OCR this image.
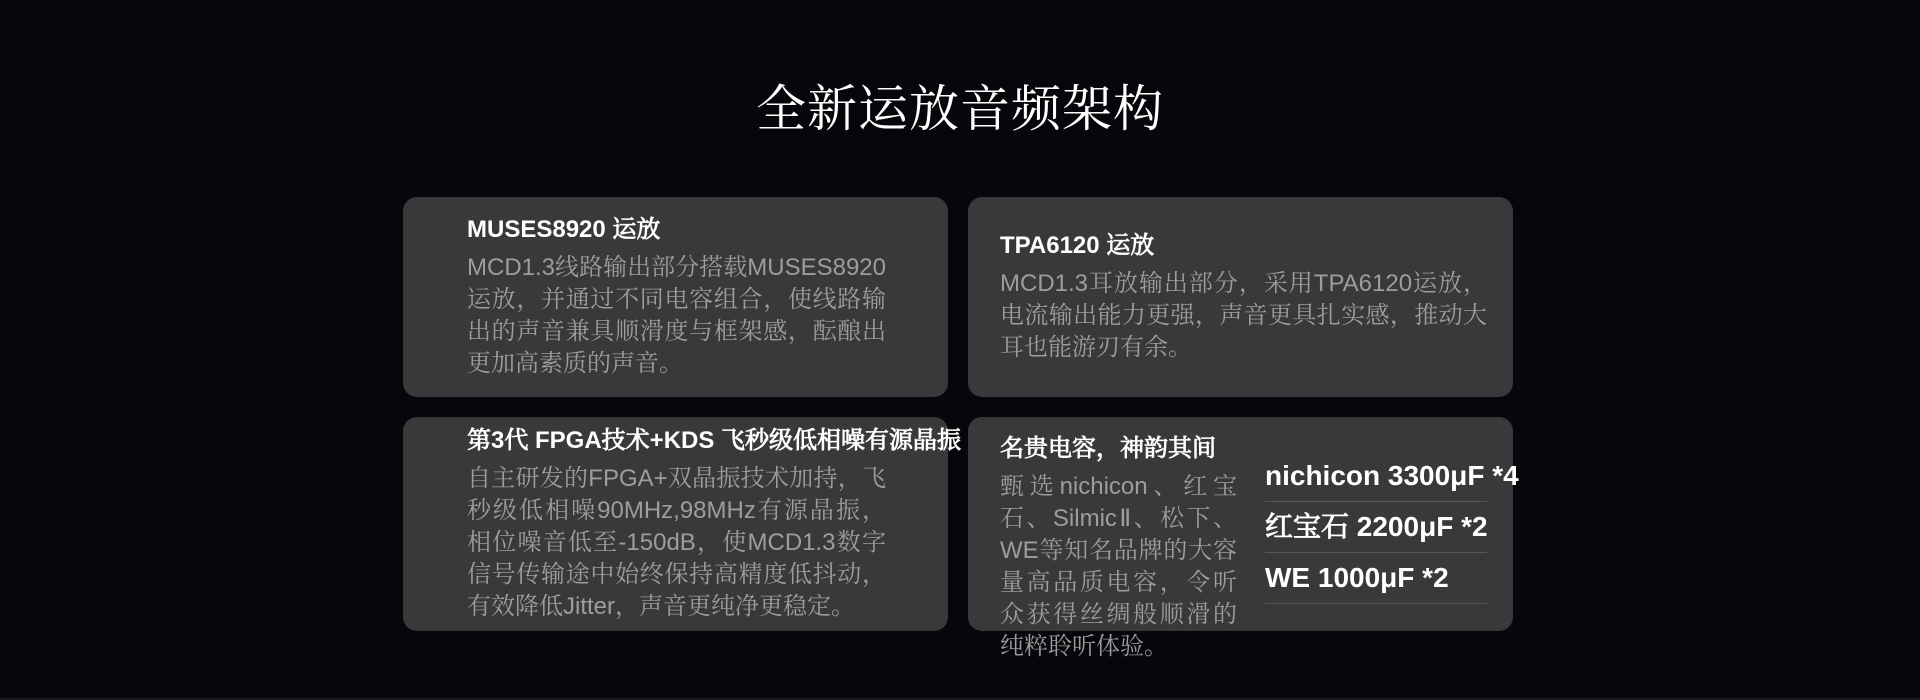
全新运放音频架构
MUSES8920 运放

MCD1.3线路输出部分搭载MUSES8920运放，并通过不同电容组合，使线路输出的声音兼具顺滑度与框架感，酝酿出更加高素质的声音。

TPA6120 运放

MCD1.3耳放输出部分，采用TPA6120运放，电流输出能力更强，声音更具扎实感，推动大耳也能游刃有余。

第3代 FPGA技术+KDS 飞秒级低相噪有源晶振

自主研发的FPGA+双晶振技术加持，飞秒级低相噪90MHz,98MHz有源晶振，相位噪音低至-150dB，使MCD1.3数字信号传输途中始终保持高精度低抖动，有效降低Jitter，声音更纯净更稳定。

名贵电容，神韵其间

甄选nichicon、红宝石、SilmicⅡ、松下、WE等知名品牌的大容量高品质电容，令听众获得丝绸般顺滑的纯粹聆听体验。

nichicon 3300μF *4
红宝石 2200μF *2
WE 1000μF *2
